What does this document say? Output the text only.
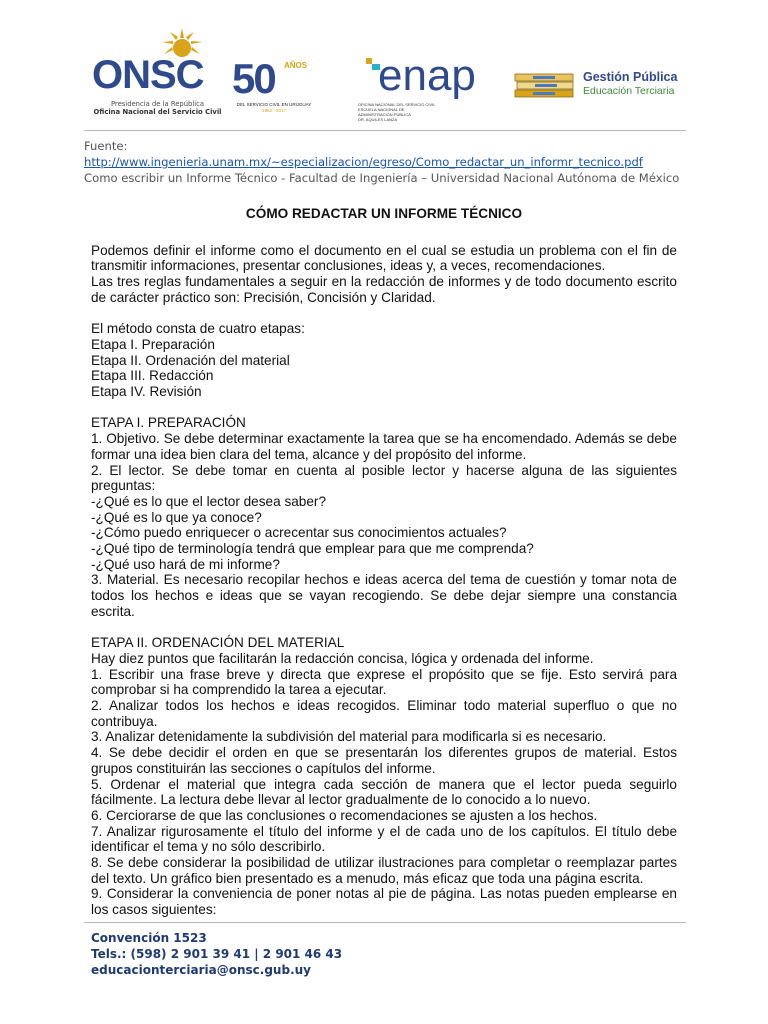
ONSC
Presidencia de la República
Oficina Nacional del Servicio Civil
50 AÑOS
DEL SERVICIO CIVIL EN URUGUAY
1962 - 2017
enap
OFICINA NACIONAL DEL SERVICIO CIVIL
ESCUELA NACIONAL DE
ADMINISTRACIÓN PÚBLICA
DR. AQUILES LANZA
Gestión Pública
Educación Terciaria
Fuente: http://www.ingenieria.unam.mx/~especializacion/egreso/Como_redactar_un_informr_tecnico.pdf
Como escribir un Informe Técnico - Facultad de Ingeniería – Universidad Nacional Autónoma de México
CÓMO REDACTAR UN INFORME TÉCNICO

Podemos definir el informe como el documento en el cual se estudia un problema con el fin de transmitir informaciones, presentar conclusiones, ideas y, a veces, recomendaciones.

Las tres reglas fundamentales a seguir en la redacción de informes y de todo documento escrito de carácter práctico son: Precisión, Concisión y Claridad.

El método consta de cuatro etapas:

Etapa I. Preparación

Etapa II. Ordenación del material

Etapa III. Redacción

Etapa IV. Revisión

ETAPA I. PREPARACIÓN

1. Objetivo. Se debe determinar exactamente la tarea que se ha encomendado. Además se debe formar una idea bien clara del tema, alcance y del propósito del informe.

2. El lector. Se debe tomar en cuenta al posible lector y hacerse alguna de las siguientes preguntas:

-¿Qué es lo que el lector desea saber?

-¿Qué es lo que ya conoce?

-¿Cómo puedo enriquecer o acrecentar sus conocimientos actuales?

-¿Qué tipo de terminología tendrá que emplear para que me comprenda?

-¿Qué uso hará de mi informe?

3. Material. Es necesario recopilar hechos e ideas acerca del tema de cuestión y tomar nota de todos los hechos e ideas que se vayan recogiendo. Se debe dejar siempre una constancia escrita.

ETAPA II. ORDENACIÓN DEL MATERIAL

Hay diez puntos que facilitarán la redacción concisa, lógica y ordenada del informe.

1. Escribir una frase breve y directa que exprese el propósito que se fije. Esto servirá para comprobar si ha comprendido la tarea a ejecutar.

2. Analizar todos los hechos e ideas recogidos. Eliminar todo material superfluo o que no contribuya.

3. Analizar detenidamente la subdivisión del material para modificarla si es necesario.

4. Se debe decidir el orden en que se presentarán los diferentes grupos de material. Estos grupos constituirán las secciones o capítulos del informe.

5. Ordenar el material que integra cada sección de manera que el lector pueda seguirlo fácilmente. La lectura debe llevar al lector gradualmente de lo conocido a lo nuevo.

6. Cerciorarse de que las conclusiones o recomendaciones se ajusten a los hechos.

7. Analizar rigurosamente el título del informe y el de cada uno de los capítulos. El título debe identificar el tema y no sólo describirlo.

8. Se debe considerar la posibilidad de utilizar ilustraciones para completar o reemplazar partes del texto. Un gráfico bien presentado es a menudo, más eficaz que toda una página escrita.

9. Considerar la conveniencia de poner notas al pie de página. Las notas pueden emplearse en los casos siguientes:

Convención 1523
Tels.: (598) 2 901 39 41 | 2 901 46 43
educacionterciaria@onsc.gub.uy
